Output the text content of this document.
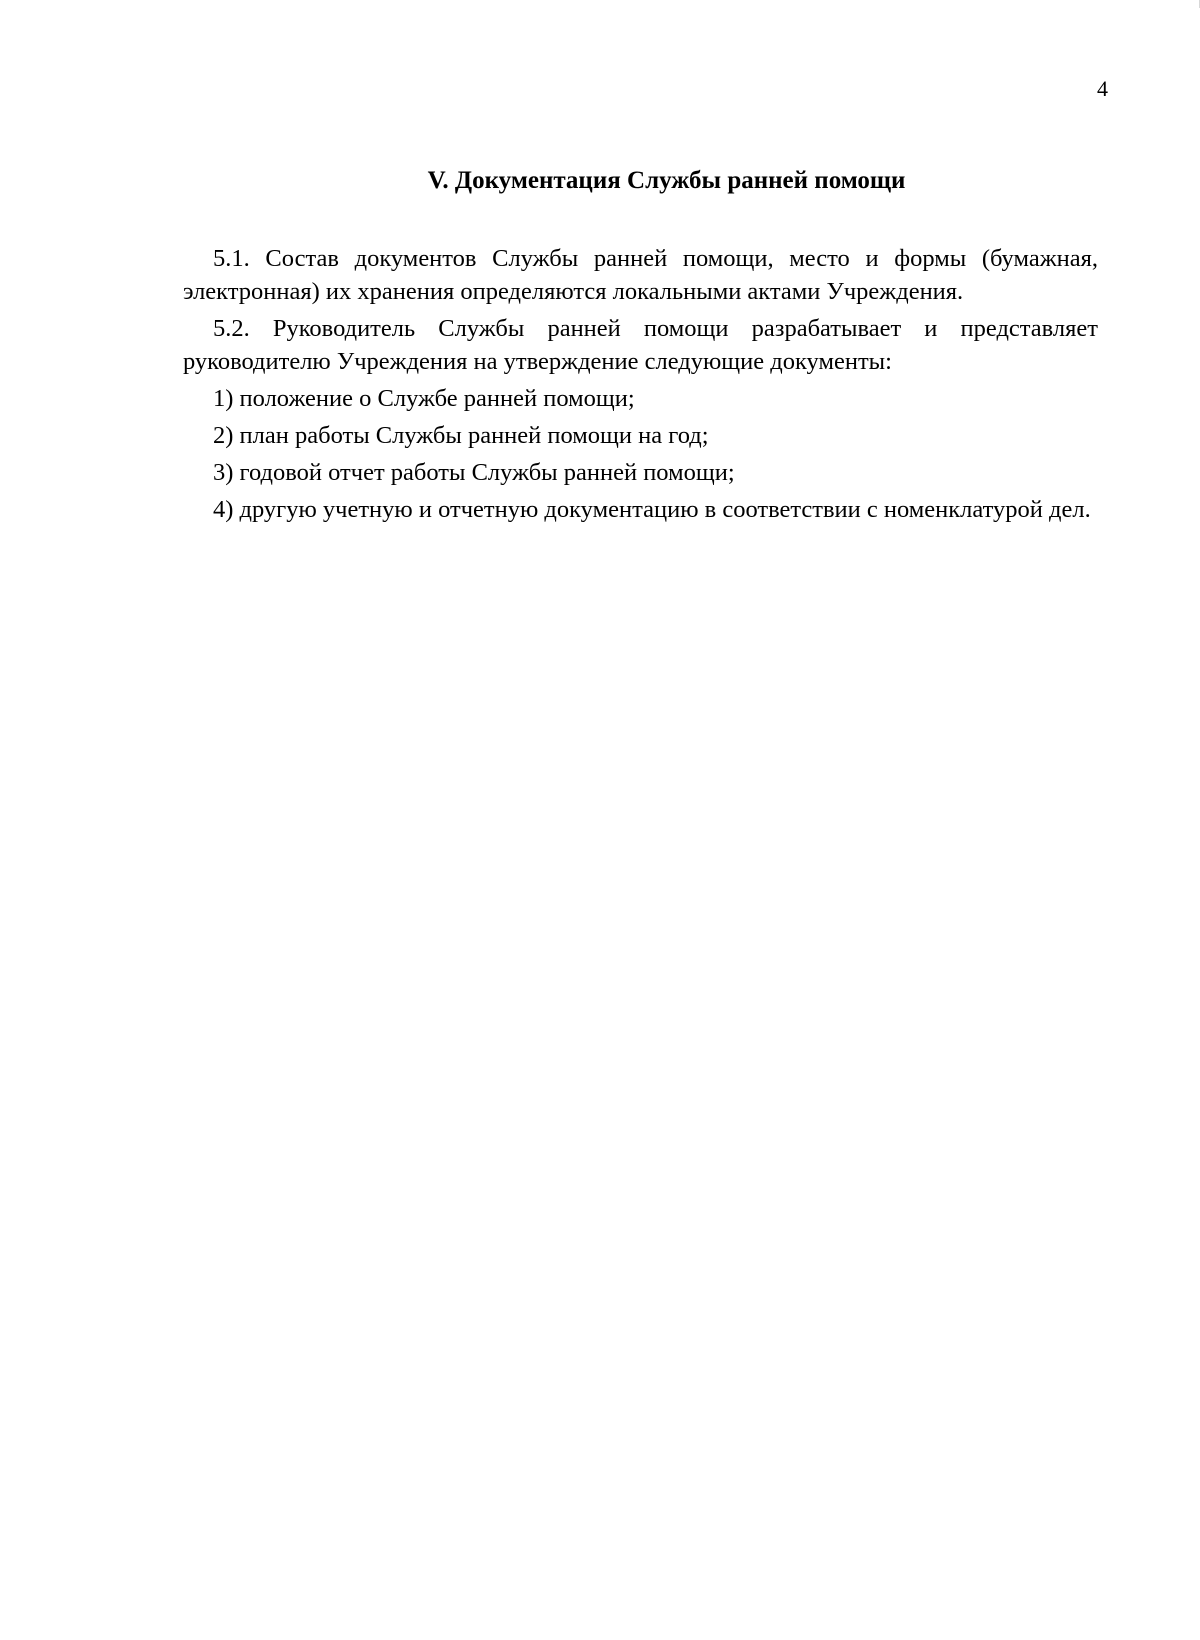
4
V. Документация Службы ранней помощи

5.1. Состав документов Службы ранней помощи, место и формы (бумажная, электронная) их хранения определяются локальными актами Учреждения.

5.2. Руководитель Службы ранней помощи разрабатывает и представляет руководителю Учреждения на утверждение следующие документы:

1) положение о Службе ранней помощи;

2) план работы Службы ранней помощи на год;

3) годовой отчет работы Службы ранней помощи;

4) другую учетную и отчетную документацию в соответствии с номенклатурой дел.
